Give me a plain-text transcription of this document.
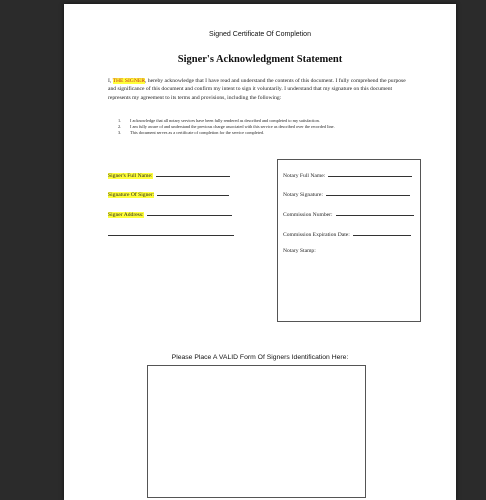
Signed Certificate Of Completion
Signer's Acknowledgment Statement
I, THE SIGNER, hereby acknowledge that I have read and understand the contents of this document. I fully comprehend the purpose and significance of this document and confirm my intent to sign it voluntarily. I understand that my signature on this document represents my agreement to its terms and provisions, including the following:
1. I acknowledge that all notary services have been fully rendered as described and completed to my satisfaction.
2. I am fully aware of and understand the previous charge associated with this service as described over the recorded line.
3. This document serves as a certificate of completion for the service completed.
Signer's Full Name:
Signature Of Signer:
Signer Address:
Notary Full Name:
Notary Signature:
Commission Number:
Commission Expiration Date:
Notary Stamp:
Please Place A VALID Form Of Signers Identification Here:
